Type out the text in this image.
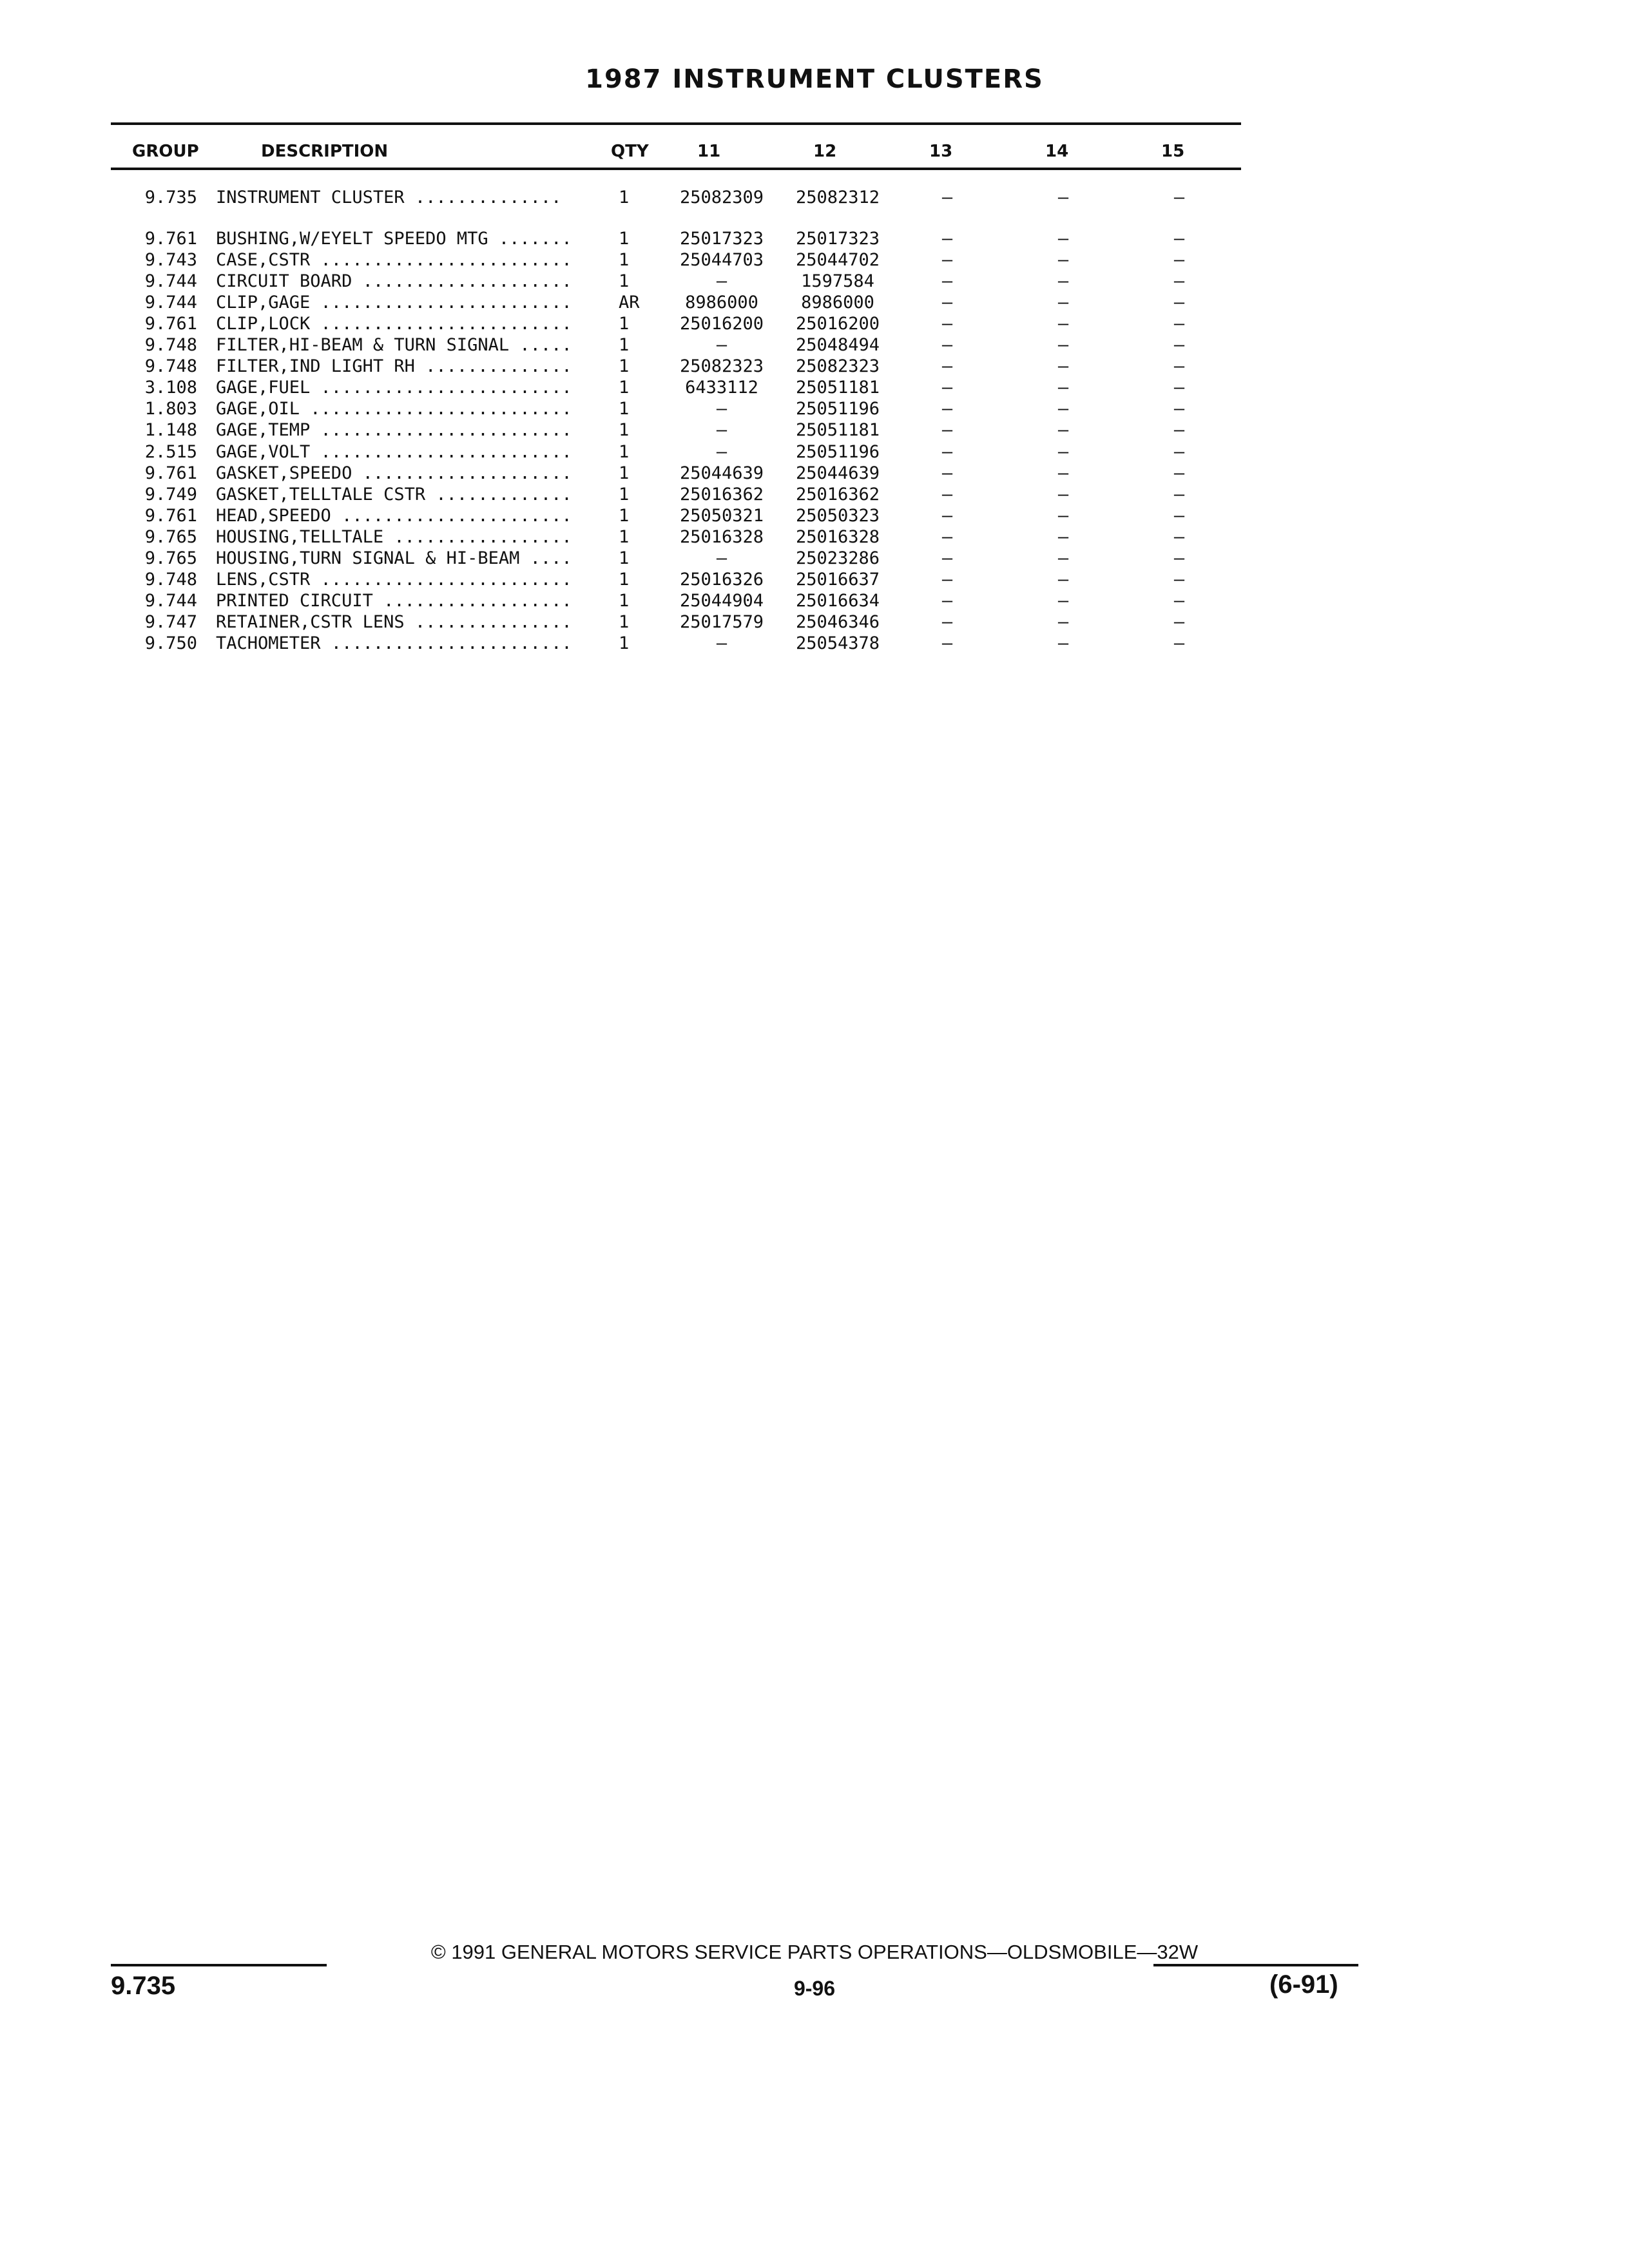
1987 INSTRUMENT CLUSTERS
GROUP	DESCRIPTION	QTY	11	12	13	14	15
9.735 INSTRUMENT CLUSTER ..............	1	25082309	25082312	—	—	—
9.761 BUSHING,W/EYELT SPEEDO MTG .......	1	25017323	25017323	—	—	—
9.743 CASE,CSTR ........................	1	25044703	25044702	—	—	—
9.744 CIRCUIT BOARD ....................	1	—	1597584	—	—	—
9.744 CLIP,GAGE ........................	AR	8986000	8986000	—	—	—
9.761 CLIP,LOCK ........................	1	25016200	25016200	—	—	—
9.748 FILTER,HI-BEAM & TURN SIGNAL .....	1	—	25048494	—	—	—
9.748 FILTER,IND LIGHT RH ..............	1	25082323	25082323	—	—	—
3.108 GAGE,FUEL ........................	1	6433112	25051181	—	—	—
1.803 GAGE,OIL .........................	1	—	25051196	—	—	—
1.148 GAGE,TEMP ........................	1	—	25051181	—	—	—
2.515 GAGE,VOLT ........................	1	—	25051196	—	—	—
9.761 GASKET,SPEEDO ....................	1	25044639	25044639	—	—	—
9.749 GASKET,TELLTALE CSTR .............	1	25016362	25016362	—	—	—
9.761 HEAD,SPEEDO ......................	1	25050321	25050323	—	—	—
9.765 HOUSING,TELLTALE .................	1	25016328	25016328	—	—	—
9.765 HOUSING,TURN SIGNAL & HI-BEAM ....	1	—	25023286	—	—	—
9.748 LENS,CSTR ........................	1	25016326	25016637	—	—	—
9.744 PRINTED CIRCUIT ..................	1	25044904	25016634	—	—	—
9.747 RETAINER,CSTR LENS ...............	1	25017579	25046346	—	—	—
9.750 TACHOMETER .......................	1	—	25054378	—	—	—
© 1991 GENERAL MOTORS SERVICE PARTS OPERATIONS—OLDSMOBILE—32W
9.735	9-96	(6-91)
